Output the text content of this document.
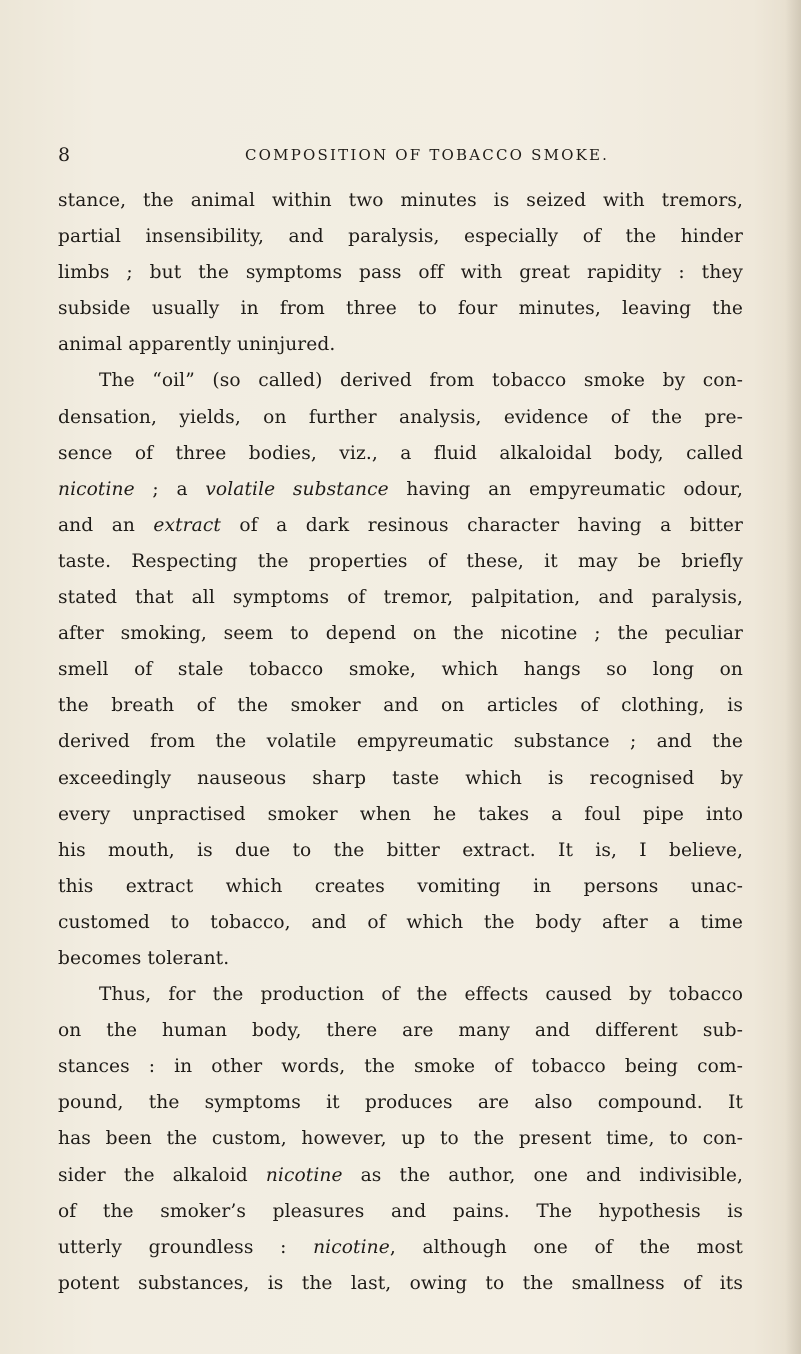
8	COMPOSITION OF TOBACCO SMOKE.
stance, the animal within two minutes is seized with tremors,
partial insensibility, and paralysis, especially of the hinder
limbs ; but the symptoms pass off with great rapidity : they
subside usually in from three to four minutes, leaving the
animal apparently uninjured.
The “oil” (so called) derived from tobacco smoke by con-
densation, yields, on further analysis, evidence of the pre-
sence of three bodies, viz., a fluid alkaloidal body, called
nicotine ; a volatile substance having an empyreumatic odour,
and an extract of a dark resinous character having a bitter
taste. Respecting the properties of these, it may be briefly
stated that all symptoms of tremor, palpitation, and paralysis,
after smoking, seem to depend on the nicotine ; the peculiar
smell of stale tobacco smoke, which hangs so long on
the breath of the smoker and on articles of clothing, is
derived from the volatile empyreumatic substance ; and the
exceedingly nauseous sharp taste which is recognised by
every unpractised smoker when he takes a foul pipe into
his mouth, is due to the bitter extract. It is, I believe,
this extract which creates vomiting in persons unac-
customed to tobacco, and of which the body after a time
becomes tolerant.
Thus, for the production of the effects caused by tobacco
on the human body, there are many and different sub-
stances : in other words, the smoke of tobacco being com-
pound, the symptoms it produces are also compound. It
has been the custom, however, up to the present time, to con-
sider the alkaloid nicotine as the author, one and indivisible,
of the smoker’s pleasures and pains. The hypothesis is
utterly groundless : nicotine, although one of the most
potent substances, is the last, owing to the smallness of its
